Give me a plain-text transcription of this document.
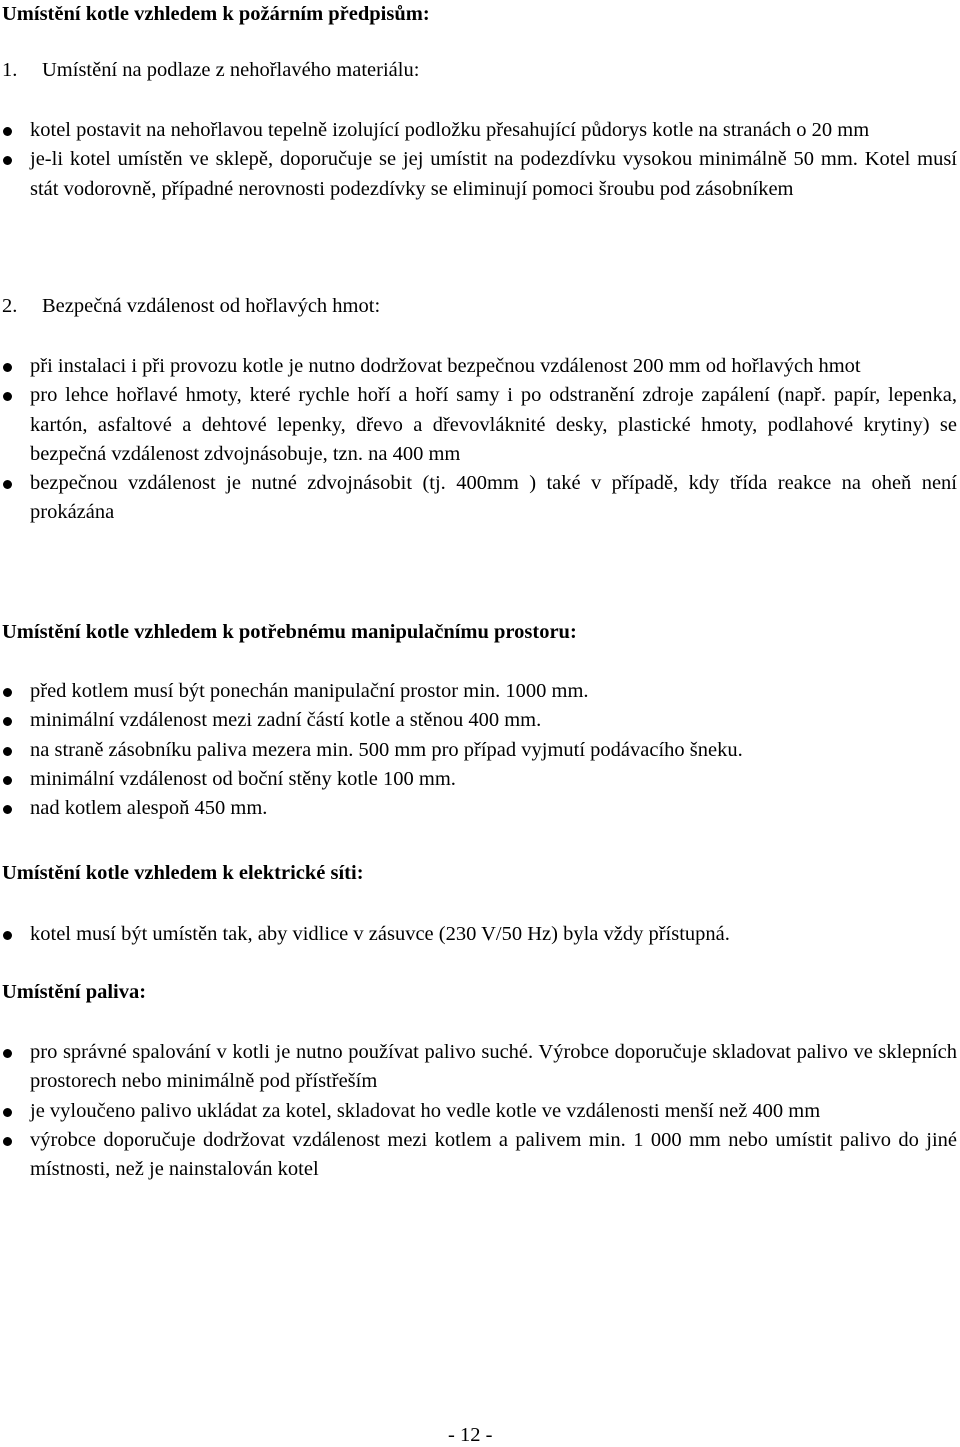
Umístění kotle vzhledem k požárním předpisům:

1. Umístění na podlaze z nehořlavého materiálu:

kotel postavit na nehořlavou tepelně izolující podložku přesahující půdorys kotle na stranách o 20 mm
je-li kotel umístěn ve sklepě, doporučuje se jej umístit na podezdívku vysokou minimálně 50 mm. Kotel musí stát vodorovně, případné nerovnosti podezdívky se eliminují pomoci šroubu pod zásobníkem

2. Bezpečná vzdálenost od hořlavých hmot:

při instalaci i při provozu kotle je nutno dodržovat bezpečnou vzdálenost 200 mm od hořlavých hmot
pro lehce hořlavé hmoty, které rychle hoří a hoří samy i po odstranění zdroje zapálení (např. papír, lepenka, kartón, asfaltové a dehtové lepenky, dřevo a dřevovláknité desky, plastické hmoty, podlahové krytiny) se bezpečná vzdálenost zdvojnásobuje, tzn. na 400 mm
bezpečnou vzdálenost je nutné zdvojnásobit (tj. 400mm ) také v případě, kdy třída reakce na oheň není prokázána
Umístění kotle vzhledem k potřebnému manipulačnímu prostoru:
před kotlem musí být ponechán manipulační prostor min. 1000 mm.
minimální vzdálenost mezi zadní částí kotle a stěnou 400 mm.
na straně zásobníku paliva mezera min. 500 mm pro případ vyjmutí podávacího šneku.
minimální vzdálenost od boční stěny kotle 100 mm.
nad kotlem alespoň 450 mm.
Umístění kotle vzhledem k elektrické síti:
kotel musí být umístěn tak, aby vidlice v zásuvce (230 V/50 Hz) byla vždy přístupná.
Umístění paliva:
pro správné spalování v kotli je nutno používat palivo suché. Výrobce doporučuje skladovat palivo ve sklepních prostorech nebo minimálně pod přístřeším
je vyloučeno palivo ukládat za kotel, skladovat ho vedle kotle ve vzdálenosti menší než 400 mm
výrobce doporučuje dodržovat vzdálenost mezi kotlem a palivem min. 1 000 mm nebo umístit palivo do jiné místnosti, než je nainstalován kotel
- 12 -
